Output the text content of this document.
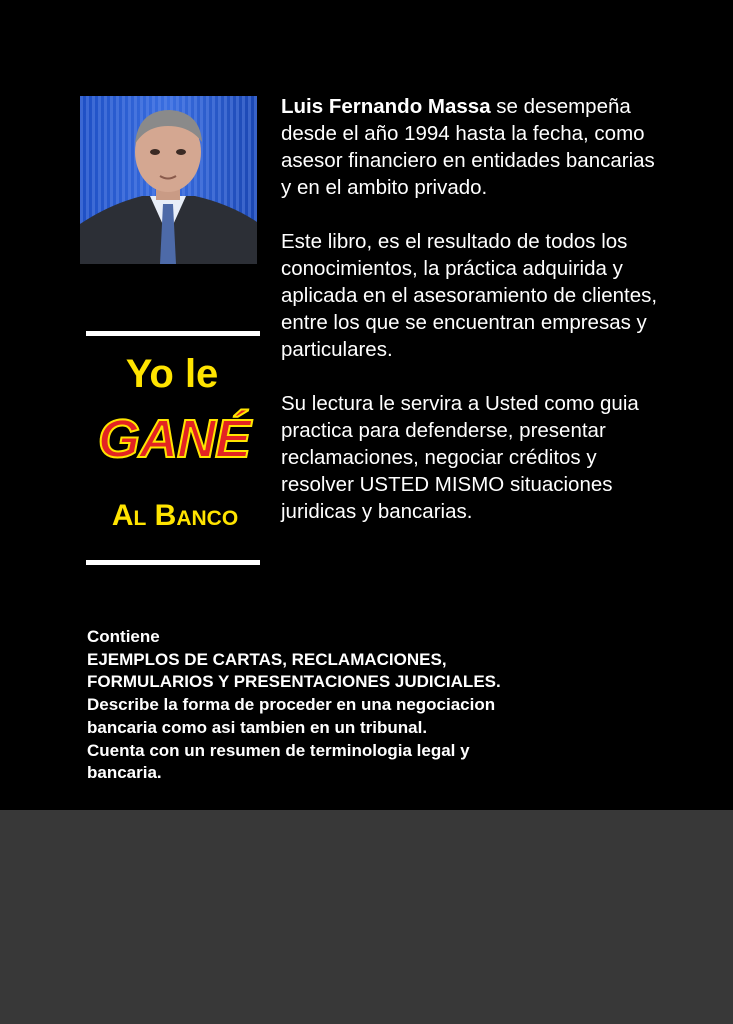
Yo le
GANÉ
Al Banco

Luis Fernando Massa se desempeña desde el año 1994 hasta la fecha, como asesor financiero en entidades bancarias y en el ambito privado.

Este libro, es el resultado de todos los conocimientos, la práctica adquirida y aplicada en el asesoramiento de clientes, entre los que se encuentran empresas y particulares.

Su lectura le servira a Usted como guia practica para defenderse, presentar reclamaciones, negociar créditos y resolver USTED MISMO situaciones juridicas y bancarias.

Contiene
EJEMPLOS DE CARTAS, RECLAMACIONES,
FORMULARIOS Y PRESENTACIONES JUDICIALES.
Describe la forma de proceder en una negociacion
bancaria como asi tambien en un tribunal.
Cuenta con un resumen de terminologia legal y
bancaria.
